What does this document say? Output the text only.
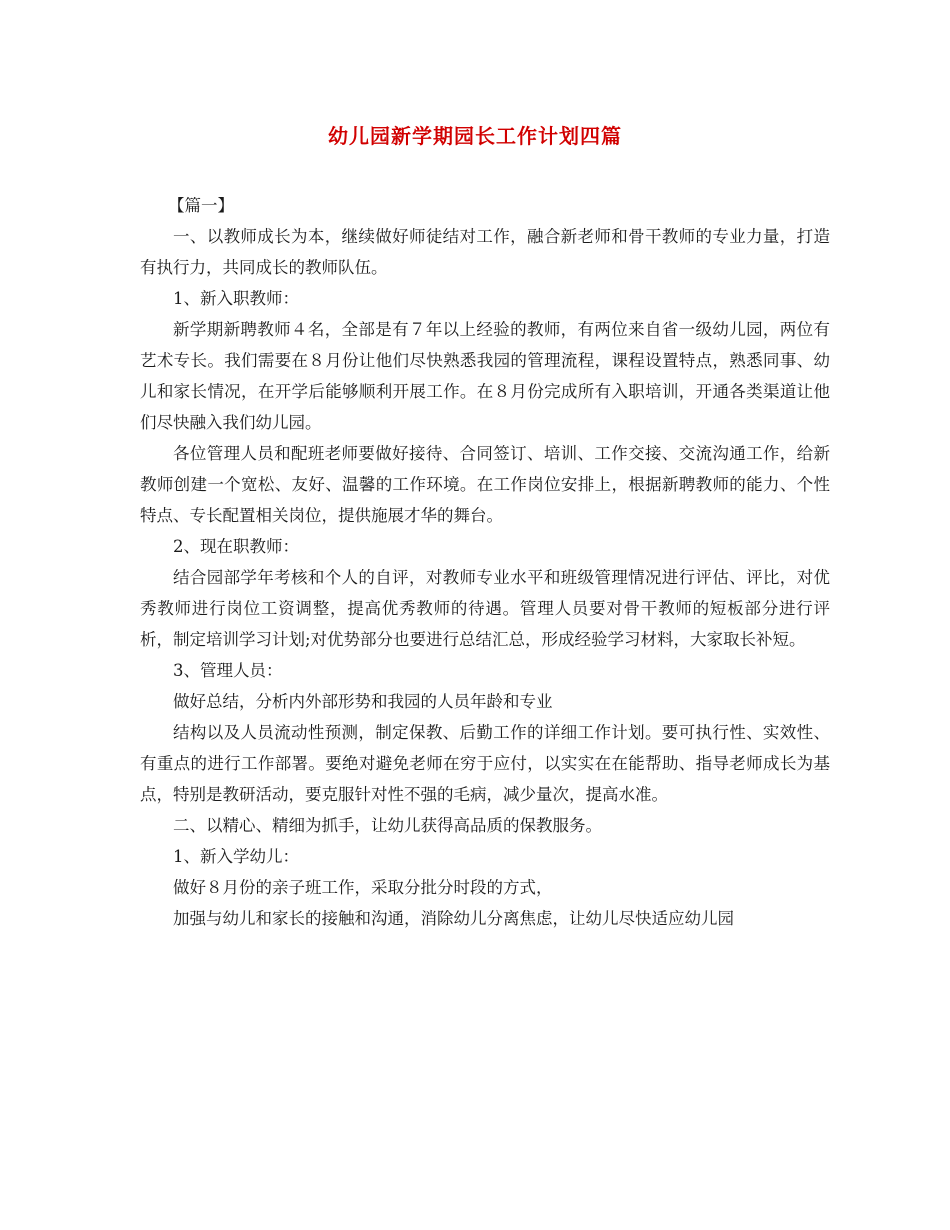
幼儿园新学期园长工作计划四篇

【篇一】

一、以教师成长为本，继续做好师徒结对工作，融合新老师和骨干教师的专业力量，打造有执行力，共同成长的教师队伍。

1、新入职教师：

新学期新聘教师４名，全部是有７年以上经验的教师，有两位来自省一级幼儿园，两位有艺术专长。我们需要在８月份让他们尽快熟悉我园的管理流程，课程设置特点，熟悉同事、幼儿和家长情况，在开学后能够顺利开展工作。在８月份完成所有入职培训，开通各类渠道让他们尽快融入我们幼儿园。

各位管理人员和配班老师要做好接待、合同签订、培训、工作交接、交流沟通工作，给新教师创建一个宽松、友好、温馨的工作环境。在工作岗位安排上，根据新聘教师的能力、个性特点、专长配置相关岗位，提供施展才华的舞台。

2、现在职教师：

结合园部学年考核和个人的自评，对教师专业水平和班级管理情况进行评估、评比，对优秀教师进行岗位工资调整，提高优秀教师的待遇。管理人员要对骨干教师的短板部分进行评析，制定培训学习计划;对优势部分也要进行总结汇总，形成经验学习材料，大家取长补短。

3、管理人员：

做好总结，分析内外部形势和我园的人员年龄和专业

结构以及人员流动性预测，制定保教、后勤工作的详细工作计划。要可执行性、实效性、有重点的进行工作部署。要绝对避免老师在穷于应付，以实实在在能帮助、指导老师成长为基点，特别是教研活动，要克服针对性不强的毛病，减少量次，提高水准。

二、以精心、精细为抓手，让幼儿获得高品质的保教服务。

1、新入学幼儿：

做好８月份的亲子班工作，采取分批分时段的方式，

加强与幼儿和家长的接触和沟通，消除幼儿分离焦虑，让幼儿尽快适应幼儿园
